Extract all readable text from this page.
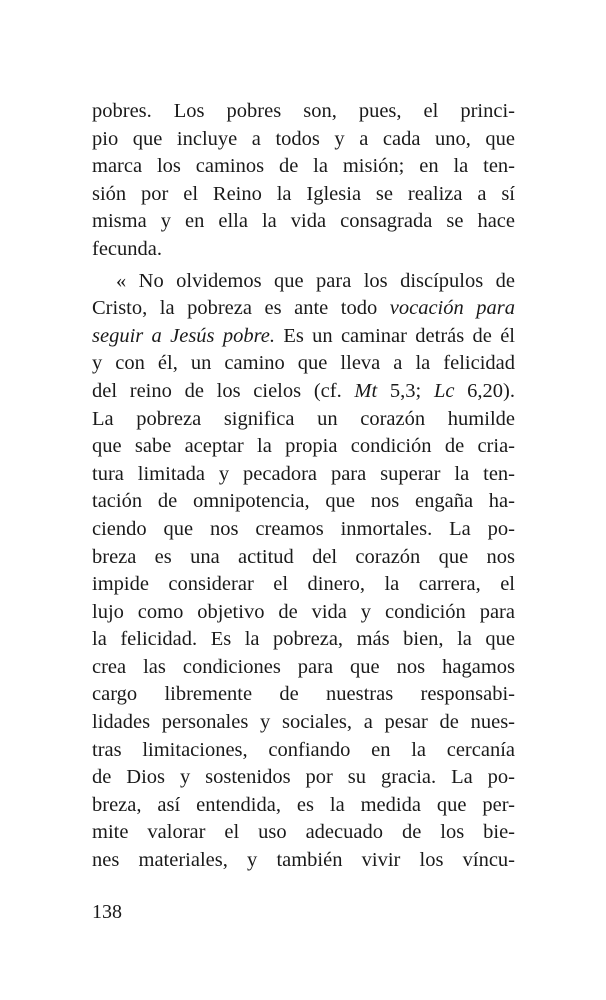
pobres. Los pobres son, pues, el princi-
pio que incluye a todos y a cada uno, que
marca los caminos de la misión; en la ten-
sión por el Reino la Iglesia se realiza a sí
misma y en ella la vida consagrada se hace
fecunda.
« No olvidemos que para los discípulos de
Cristo, la pobreza es ante todo vocación para
seguir a Jesús pobre. Es un caminar detrás de él
y con él, un camino que lleva a la felicidad
del reino de los cielos (cf. Mt 5,3; Lc 6,20).
La pobreza significa un corazón humilde
que sabe aceptar la propia condición de cria-
tura limitada y pecadora para superar la ten-
tación de omnipotencia, que nos engaña ha-
ciendo que nos creamos inmortales. La po-
breza es una actitud del corazón que nos
impide considerar el dinero, la carrera, el
lujo como objetivo de vida y condición para
la felicidad. Es la pobreza, más bien, la que
crea las condiciones para que nos hagamos
cargo libremente de nuestras responsabi-
lidades personales y sociales, a pesar de nues-
tras limitaciones, confiando en la cercanía
de Dios y sostenidos por su gracia. La po-
breza, así entendida, es la medida que per-
mite valorar el uso adecuado de los bie-
nes materiales, y también vivir los víncu-
138
